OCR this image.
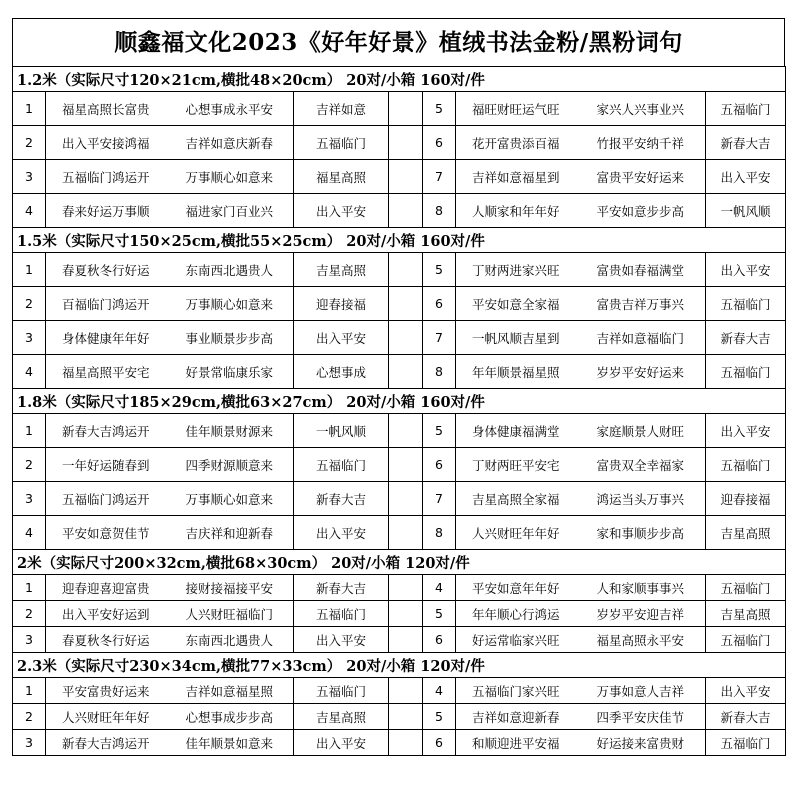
顺鑫福文化2023《好年好景》植绒书法金粉/黑粉词句
1.2米（实际尺寸120×21cm,横批48×20cm） 20对/小箱 160对/件								
1	福星高照长富贵	心想事成永平安	吉祥如意		5	福旺财旺运气旺	家兴人兴事业兴	五福临门
2	出入平安接鸿福	吉祥如意庆新春	五福临门		6	花开富贵添百福	竹报平安纳千祥	新春大吉
3	五福临门鸿运开	万事顺心如意来	福星高照		7	吉祥如意福星到	富贵平安好运来	出入平安
4	春来好运万事顺	福进家门百业兴	出入平安		8	人顺家和年年好	平安如意步步高	一帆风顺
1.5米（实际尺寸150×25cm,横批55×25cm） 20对/小箱 160对/件								
1	春夏秋冬行好运	东南西北遇贵人	吉星高照		5	丁财两进家兴旺	富贵如春福满堂	出入平安
2	百福临门鸿运开	万事顺心如意来	迎春接福		6	平安如意全家福	富贵吉祥万事兴	五福临门
3	身体健康年年好	事业顺景步步高	出入平安		7	一帆风顺吉星到	吉祥如意福临门	新春大吉
4	福星高照平安宅	好景常临康乐家	心想事成		8	年年顺景福星照	岁岁平安好运来	五福临门
1.8米（实际尺寸185×29cm,横批63×27cm） 20对/小箱 160对/件								
1	新春大吉鸿运开	佳年顺景财源来	一帆风顺		5	身体健康福满堂	家庭顺景人财旺	出入平安
2	一年好运随春到	四季财源顺意来	五福临门		6	丁财两旺平安宅	富贵双全幸福家	五福临门
3	五福临门鸿运开	万事顺心如意来	新春大吉		7	吉星高照全家福	鸿运当头万事兴	迎春接福
4	平安如意贺佳节	吉庆祥和迎新春	出入平安		8	人兴财旺年年好	家和事顺步步高	吉星高照
2米（实际尺寸200×32cm,横批68×30cm） 20对/小箱 120对/件								
1	迎春迎喜迎富贵	接财接福接平安	新春大吉		4	平安如意年年好	人和家顺事事兴	五福临门
2	出入平安好运到	人兴财旺福临门	五福临门		5	年年顺心行鸿运	岁岁平安迎吉祥	吉星高照
3	春夏秋冬行好运	东南西北遇贵人	出入平安		6	好运常临家兴旺	福星高照永平安	五福临门
2.3米（实际尺寸230×34cm,横批77×33cm） 20对/小箱 120对/件								
1	平安富贵好运来	吉祥如意福星照	五福临门		4	五福临门家兴旺	万事如意人吉祥	出入平安
2	人兴财旺年年好	心想事成步步高	吉星高照		5	吉祥如意迎新春	四季平安庆佳节	新春大吉
3	新春大吉鸿运开	佳年顺景如意来	出入平安		6	和顺迎进平安福	好运接来富贵财	五福临门
